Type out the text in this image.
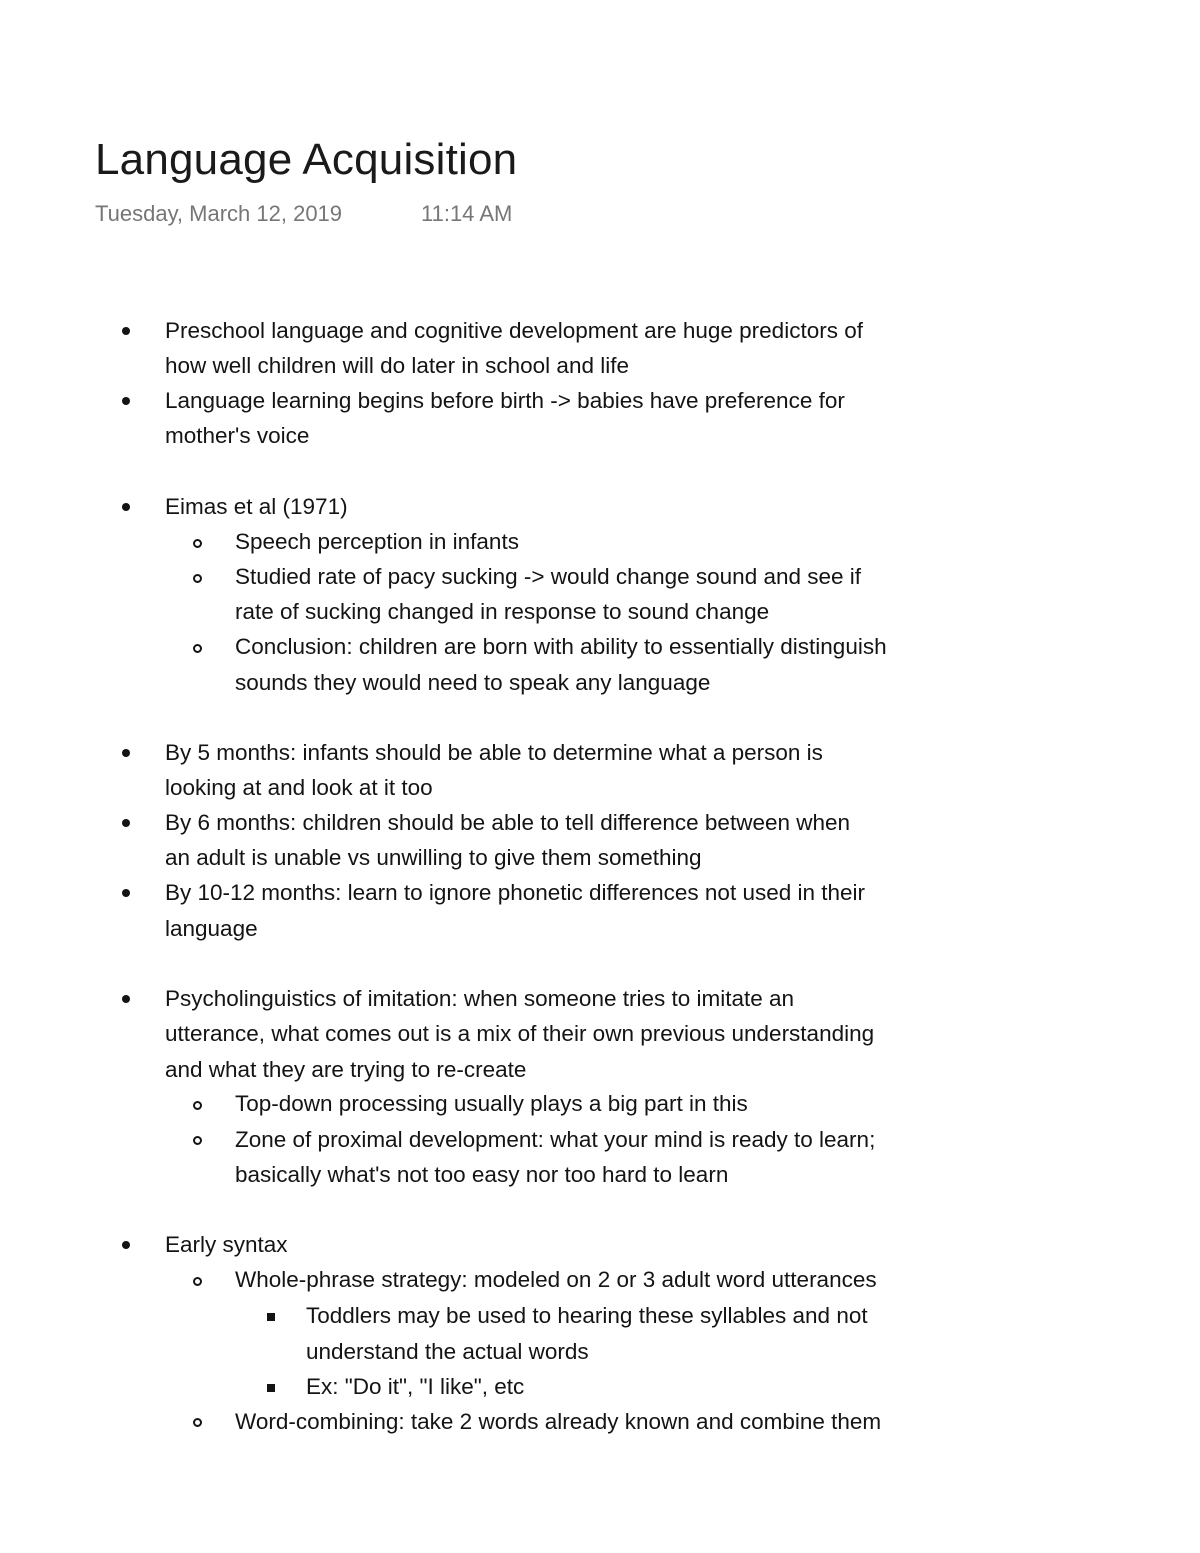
Language Acquisition
Tuesday, March 12, 2019	11:14 AM
Preschool language and cognitive development are huge predictors of
how well children will do later in school and life
Language learning begins before birth -> babies have preference for
mother's voice
Eimas et al (1971)
Speech perception in infants
Studied rate of pacy sucking -> would change sound and see if
rate of sucking changed in response to sound change
Conclusion: children are born with ability to essentially distinguish
sounds they would need to speak any language
By 5 months: infants should be able to determine what a person is
looking at and look at it too
By 6 months: children should be able to tell difference between when
an adult is unable vs unwilling to give them something
By 10-12 months: learn to ignore phonetic differences not used in their
language
Psycholinguistics of imitation: when someone tries to imitate an
utterance, what comes out is a mix of their own previous understanding
and what they are trying to re-create
Top-down processing usually plays a big part in this
Zone of proximal development: what your mind is ready to learn;
basically what's not too easy nor too hard to learn
Early syntax
Whole-phrase strategy: modeled on 2 or 3 adult word utterances
Toddlers may be used to hearing these syllables and not
understand the actual words
Ex: "Do it", "I like", etc
Word-combining: take 2 words already known and combine them
